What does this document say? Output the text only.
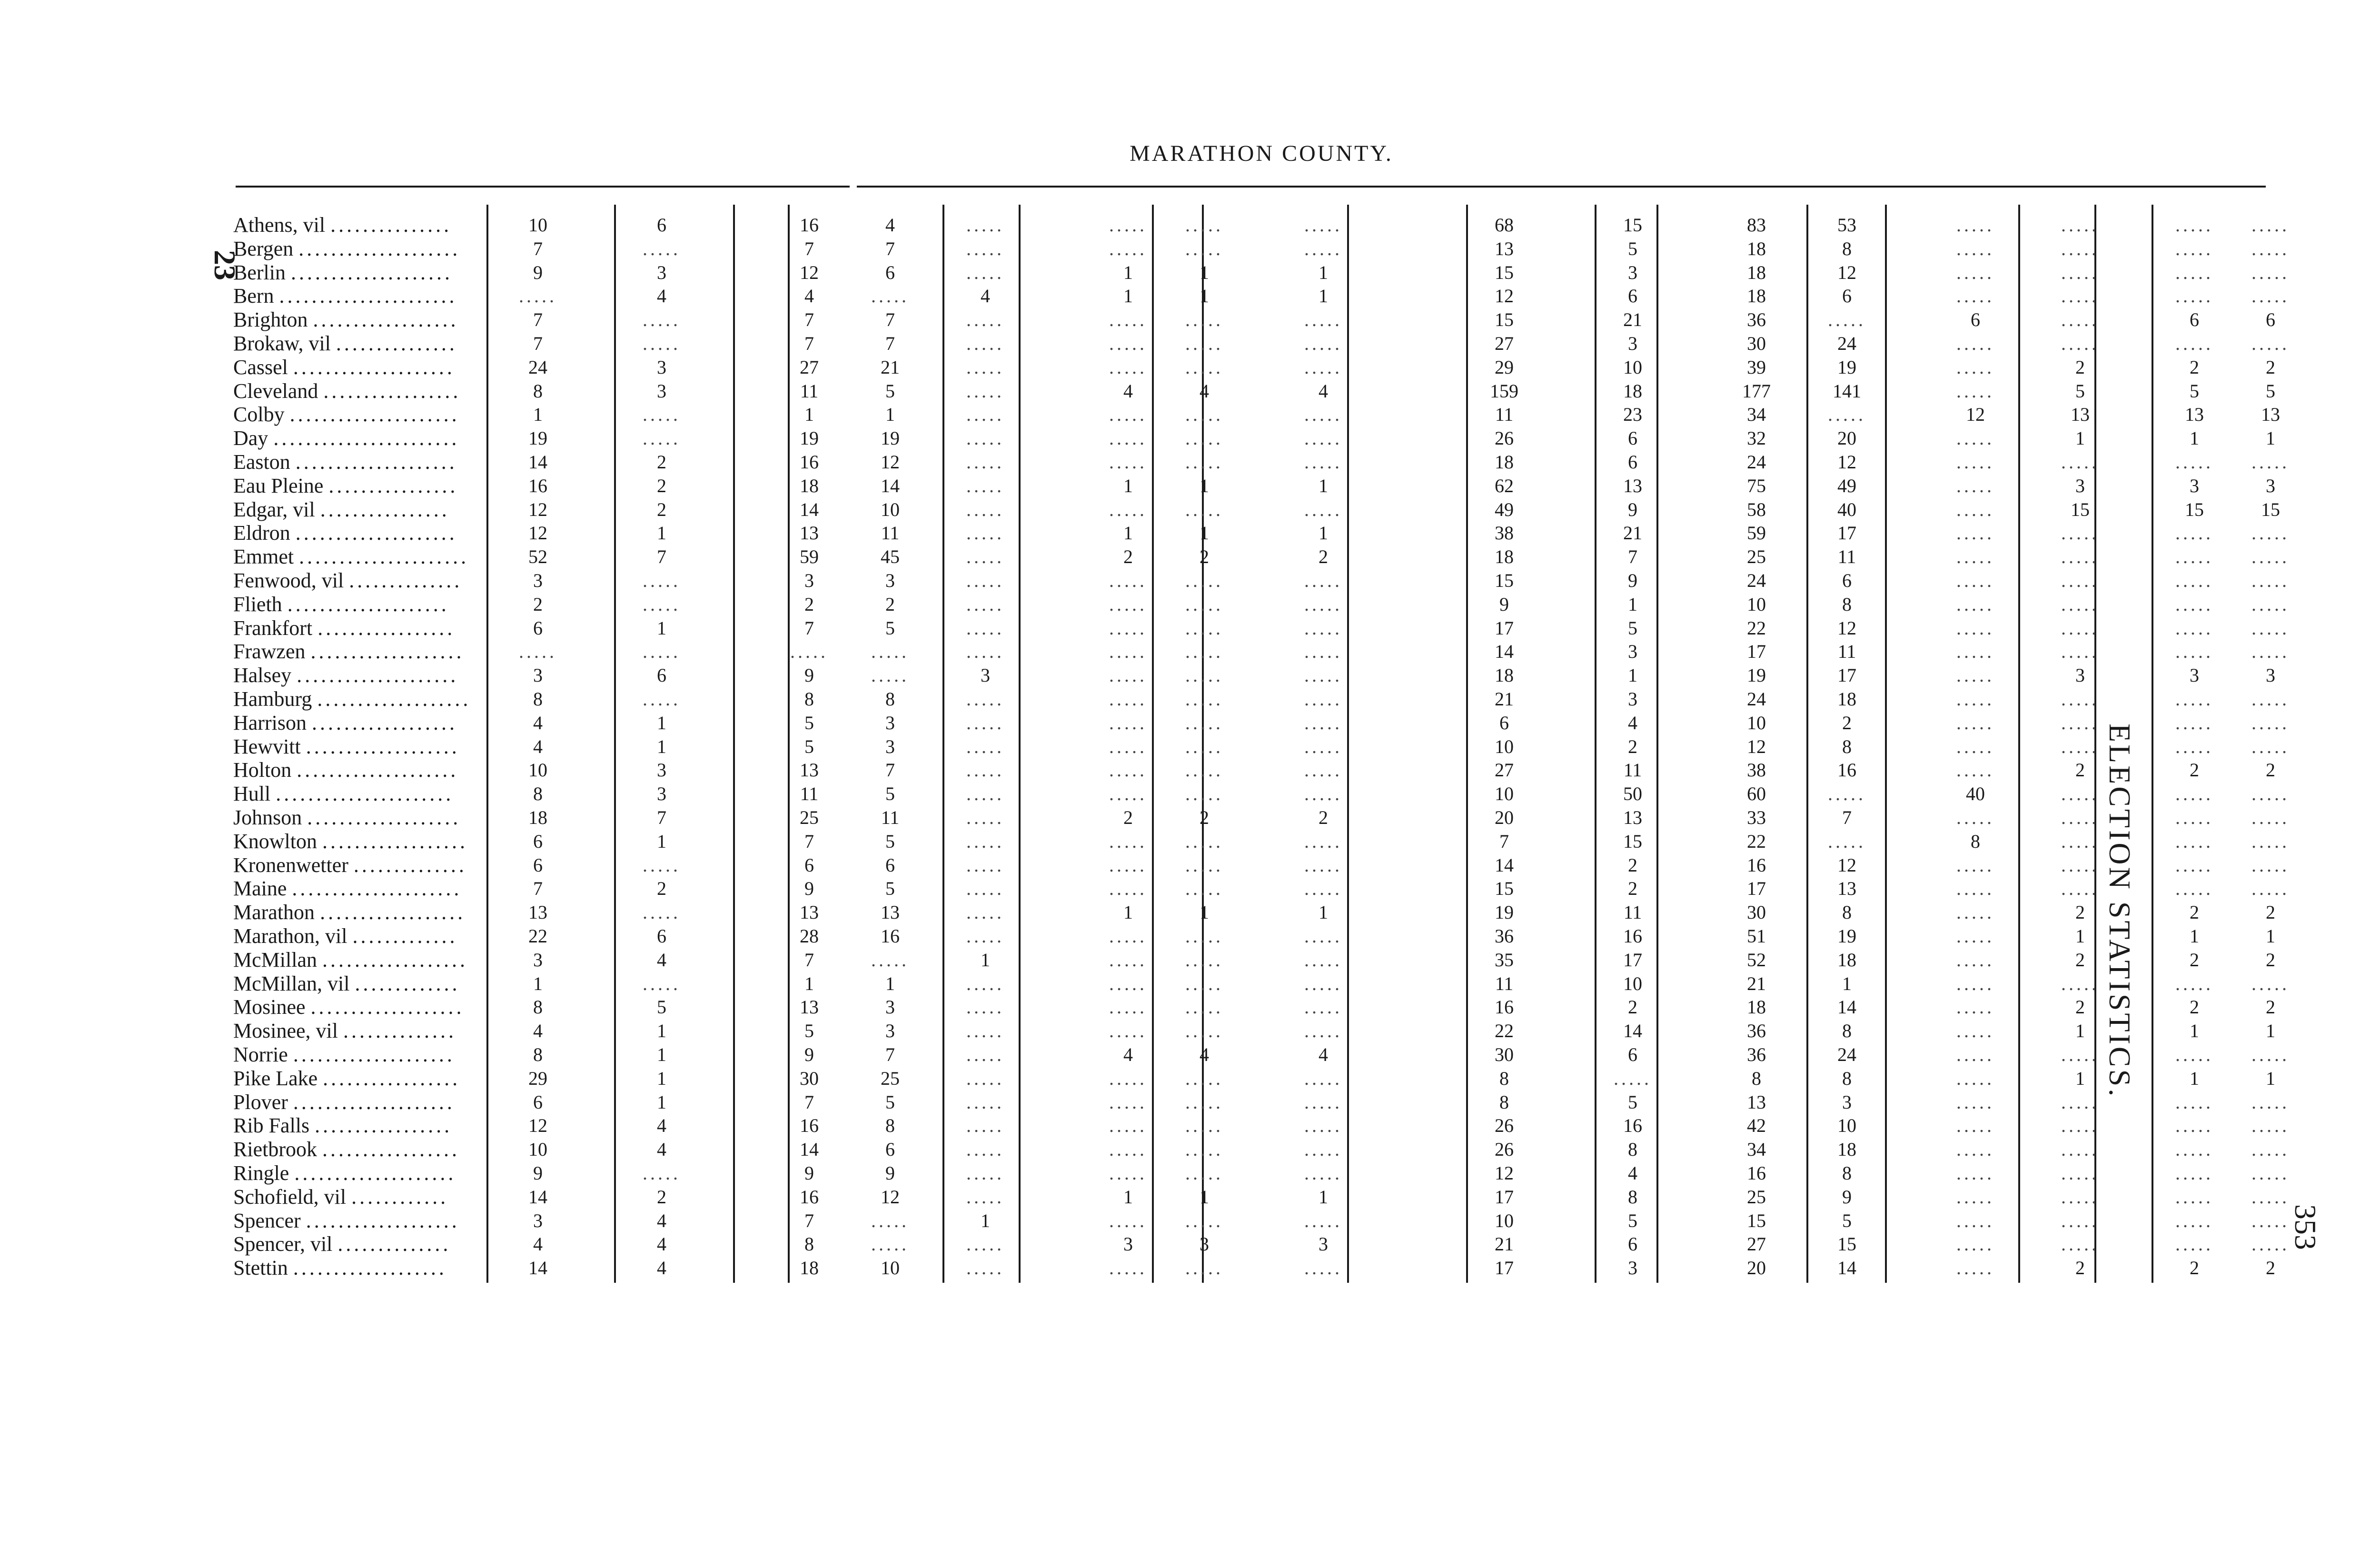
MARATHON COUNTY.
23
ELECTION STATISTICS.
353
Athens, vil ...............	10	6	16	4	.....	.....	.....	.....	68	15	83	53	.....	.....	.....	.....
Bergen ....................	7	.....	7	7	.....	.....	.....	.....	13	5	18	8	.....	.....	.....	.....
Berlin ....................	9	3	12	6	.....	1	1	1	15	3	18	12	.....	.....	.....	.....
Bern ......................	.....	4	4	.....	4	1	1	1	12	6	18	6	.....	.....	.....	.....
Brighton ..................	7	.....	7	7	.....	.....	.....	.....	15	21	36	.....	6	.....	6	6
Brokaw, vil ...............	7	.....	7	7	.....	.....	.....	.....	27	3	30	24	.....	.....	.....	.....
Cassel ....................	24	3	27	21	.....	.....	.....	.....	29	10	39	19	.....	2	2	2
Cleveland .................	8	3	11	5	.....	4	4	4	159	18	177	141	.....	5	5	5
Colby .....................	1	.....	1	1	.....	.....	.....	.....	11	23	34	.....	12	13	13	13
Day .......................	19	.....	19	19	.....	.....	.....	.....	26	6	32	20	.....	1	1	1
Easton ....................	14	2	16	12	.....	.....	.....	.....	18	6	24	12	.....	.....	.....	.....
Eau Pleine ................	16	2	18	14	.....	1	1	1	62	13	75	49	.....	3	3	3
Edgar, vil ................	12	2	14	10	.....	.....	.....	.....	49	9	58	40	.....	15	15	15
Eldron ....................	12	1	13	11	.....	1	1	1	38	21	59	17	.....	.....	.....	.....
Emmet .....................	52	7	59	45	.....	2	2	2	18	7	25	11	.....	.....	.....	.....
Fenwood, vil ..............	3	.....	3	3	.....	.....	.....	.....	15	9	24	6	.....	.....	.....	.....
Flieth ....................	2	.....	2	2	.....	.....	.....	.....	9	1	10	8	.....	.....	.....	.....
Frankfort .................	6	1	7	5	.....	.....	.....	.....	17	5	22	12	.....	.....	.....	.....
Frawzen ...................	.....	.....	.....	.....	.....	.....	.....	.....	14	3	17	11	.....	.....	.....	.....
Halsey ....................	3	6	9	.....	3	.....	.....	.....	18	1	19	17	.....	3	3	3
Hamburg ...................	8	.....	8	8	.....	.....	.....	.....	21	3	24	18	.....	.....	.....	.....
Harrison ..................	4	1	5	3	.....	.....	.....	.....	6	4	10	2	.....	.....	.....	.....
Hewvitt ...................	4	1	5	3	.....	.....	.....	.....	10	2	12	8	.....	.....	.....	.....
Holton ....................	10	3	13	7	.....	.....	.....	.....	27	11	38	16	.....	2	2	2
Hull ......................	8	3	11	5	.....	.....	.....	.....	10	50	60	.....	40	.....	.....	.....
Johnson ...................	18	7	25	11	.....	2	2	2	20	13	33	7	.....	.....	.....	.....
Knowlton ..................	6	1	7	5	.....	.....	.....	.....	7	15	22	.....	8	.....	.....	.....
Kronenwetter ..............	6	.....	6	6	.....	.....	.....	.....	14	2	16	12	.....	.....	.....	.....
Maine .....................	7	2	9	5	.....	.....	.....	.....	15	2	17	13	.....	.....	.....	.....
Marathon ..................	13	.....	13	13	.....	1	1	1	19	11	30	8	.....	2	2	2
Marathon, vil .............	22	6	28	16	.....	.....	.....	.....	36	16	51	19	.....	1	1	1
McMillan ..................	3	4	7	.....	1	.....	.....	.....	35	17	52	18	.....	2	2	2
McMillan, vil .............	1	.....	1	1	.....	.....	.....	.....	11	10	21	1	.....	.....	.....	.....
Mosinee ...................	8	5	13	3	.....	.....	.....	.....	16	2	18	14	.....	2	2	2
Mosinee, vil ..............	4	1	5	3	.....	.....	.....	.....	22	14	36	8	.....	1	1	1
Norrie ....................	8	1	9	7	.....	4	4	4	30	6	36	24	.....	.....	.....	.....
Pike Lake .................	29	1	30	25	.....	.....	.....	.....	8	.....	8	8	.....	1	1	1
Plover ....................	6	1	7	5	.....	.....	.....	.....	8	5	13	3	.....	.....	.....	.....
Rib Falls .................	12	4	16	8	.....	.....	.....	.....	26	16	42	10	.....	.....	.....	.....
Rietbrook .................	10	4	14	6	.....	.....	.....	.....	26	8	34	18	.....	.....	.....	.....
Ringle ....................	9	.....	9	9	.....	.....	.....	.....	12	4	16	8	.....	.....	.....	.....
Schofield, vil ............	14	2	16	12	.....	1	1	1	17	8	25	9	.....	.....	.....	.....
Spencer ...................	3	4	7	.....	1	.....	.....	.....	10	5	15	5	.....	.....	.....	.....
Spencer, vil ..............	4	4	8	.....	.....	3	3	3	21	6	27	15	.....	.....	.....	.....
Stettin ...................	14	4	18	10	.....	.....	.....	.....	17	3	20	14	.....	2	2	2
